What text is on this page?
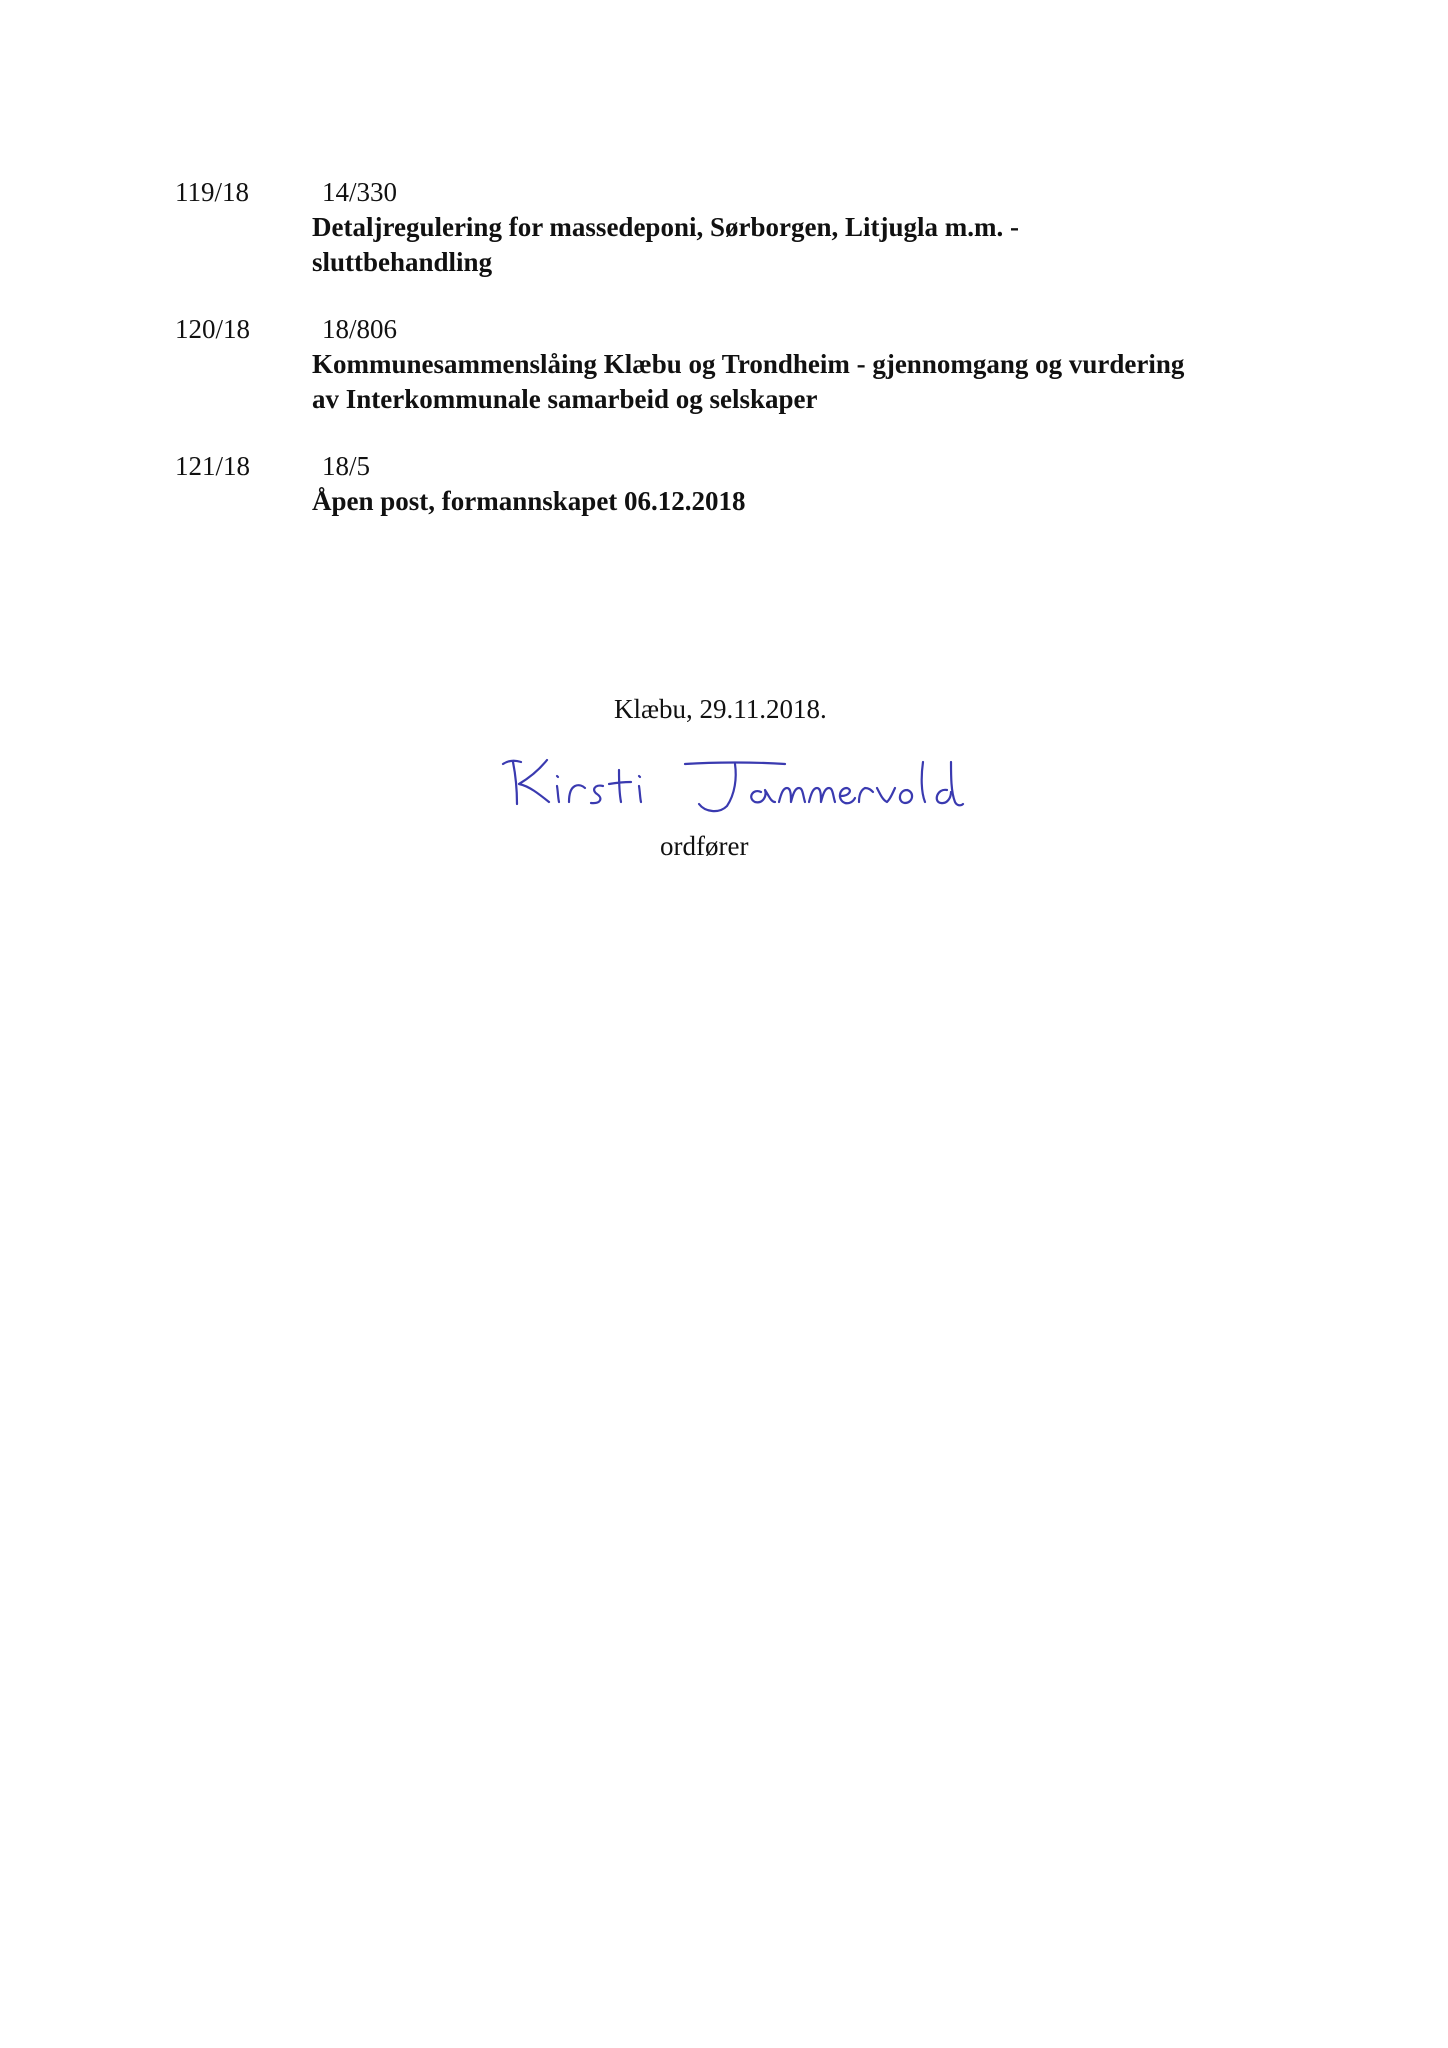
119/18	14/330
Detaljregulering for massedeponi, Sørborgen, Litjugla m.m. -
sluttbehandling
120/18	18/806
Kommunesammenslåing Klæbu og Trondheim - gjennomgang og vurdering
av Interkommunale samarbeid og selskaper
121/18	18/5
Åpen post, formannskapet 06.12.2018
Klæbu, 29.11.2018.
ordfører
